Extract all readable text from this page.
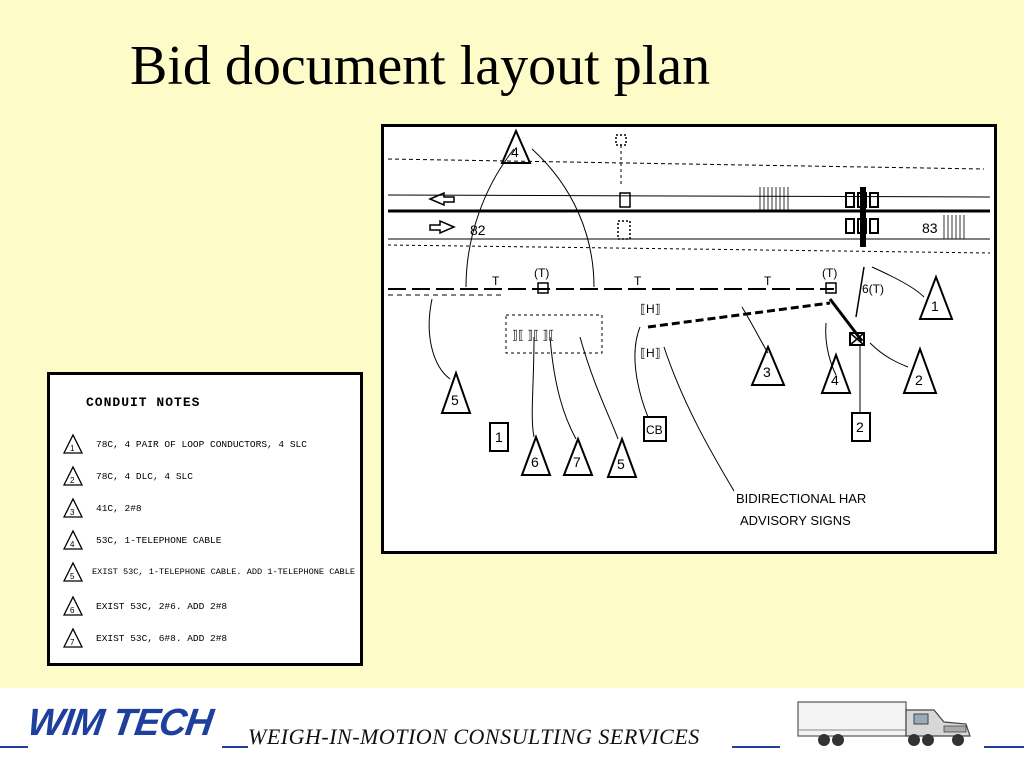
Bid document layout plan
82	83
T	T	T
(T)	(T)
6(T)
⟧⟦ ⟧⟦ ⟧⟦
⟦H⟧
⟦H⟧
4
1
2
3	4
5
6 7	5
1	CB	2
BIDIRECTIONAL HAR
ADVISORY SIGNS
CONDUIT NOTES
1 78C, 4 PAIR OF LOOP CONDUCTORS, 4 SLC
2 78C, 4 DLC, 4 SLC
3 41C, 2#8
4 53C, 1-TELEPHONE CABLE
5 EXIST 53C, 1-TELEPHONE CABLE. ADD 1-TELEPHONE CABLE
6 EXIST 53C, 2#6. ADD 2#8
7 EXIST 53C, 6#8. ADD 2#8
WIM TECH WEIGH-IN-MOTION CONSULTING SERVICES
